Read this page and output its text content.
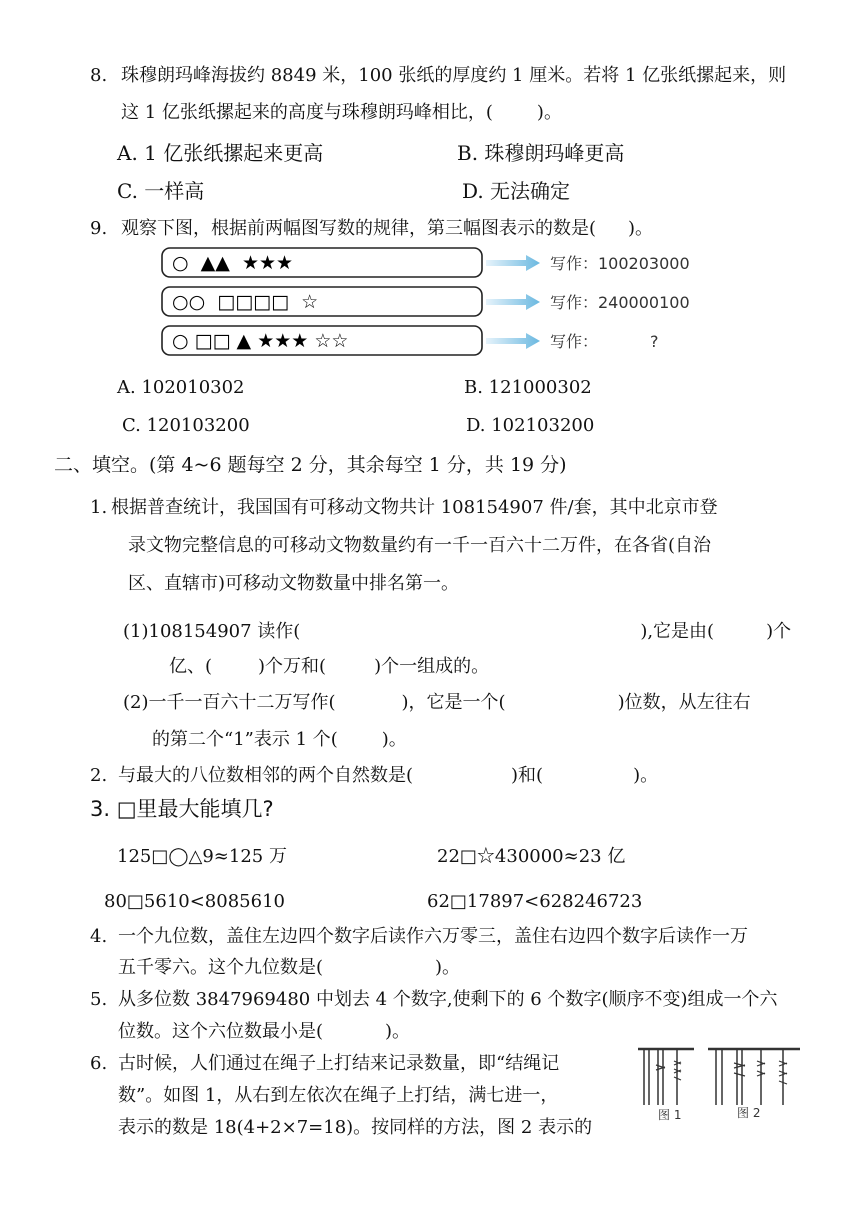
8. 珠穆朗玛峰海拔约 8849 米，100 张纸的厚度约 1 厘米。若将 1 亿张纸摞起来，则
这 1 亿张纸摞起来的高度与珠穆朗玛峰相比，( )。
A. 1 亿张纸摞起来更高	B. 珠穆朗玛峰更高
C. 一样高	D. 无法确定
9. 观察下图，根据前两幅图写数的规律，第三幅图表示的数是( )。
○  ▲▲  ★★★	写作：100203000
○○  □□□□  ☆	写作：240000100
○ □□ ▲ ★★★ ☆☆	写作：	?
A. 102010302	B. 121000302
C. 120103200	D. 102103200
二、填空。(第 4~6 题每空 2 分，其余每空 1 分，共 19 分)
1. 根据普查统计，我国国有可移动文物共计 108154907 件/套，其中北京市登
录文物完整信息的可移动文物数量约有一千一百六十二万件，在各省(自治
区、直辖市)可移动文物数量中排名第一。
(1)108154907 读作(	),它是由(	)个
亿、(	)个万和(	)个一组成的。
(2)一千一百六十二万写作(	)，它是一个(	)位数，从左往右
的第二个“1”表示 1 个( )。
2. 与最大的八位数相邻的两个自然数是(	)和(	)。
3. □里最大能填几?
125□◯△9≈125 万	22□☆430000≈23 亿
80□5610<8085610	62□17897<628246723
4. 一个九位数，盖住左边四个数字后读作六万零三，盖住右边四个数字后读作一万
五千零六。这个九位数是(	)。
5. 从多位数 3847969480 中划去 4 个数字,使剩下的 6 个数字(顺序不变)组成一个六
位数。这个六位数最小是(	)。
6. 古时候，人们通过在绳子上打结来记录数量，即“结绳记
数”。如图 1，从右到左依次在绳子上打结，满七进一，
表示的数是 18(4+2×7=18)。按同样的方法，图 2 表示的
图 1	图 2
